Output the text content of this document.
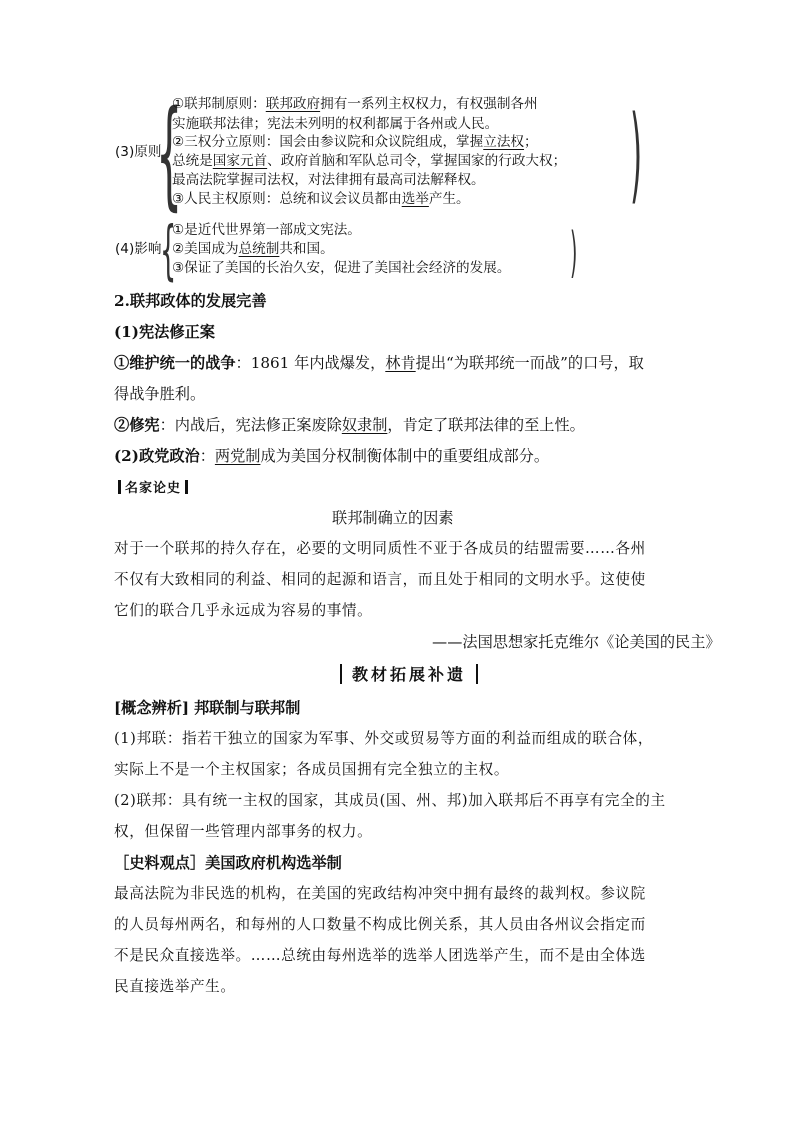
{	)
(3)原则
①联邦制原则：联邦政府拥有一系列主权权力，有权强制各州
实施联邦法律；宪法未列明的权利都属于各州或人民。
②三权分立原则：国会由参议院和众议院组成，掌握立法权；
总统是国家元首、政府首脑和军队总司令，掌握国家的行政大权；
最高法院掌握司法权，对法律拥有最高司法解释权。
③人民主权原则：总统和议会议员都由选举产生。
{	)
(4)影响
①是近代世界第一部成文宪法。
②美国成为总统制共和国。
③保证了美国的长治久安，促进了美国社会经济的发展。
2.联邦政体的发展完善
(1)宪法修正案
①维护统一的战争：1861 年内战爆发，林肯提出“为联邦统一而战”的口号，取
得战争胜利。
②修宪：内战后，宪法修正案废除奴隶制，肯定了联邦法律的至上性。
(2)政党政治：两党制成为美国分权制衡体制中的重要组成部分。
名家论史
联邦制确立的因素
对于一个联邦的持久存在，必要的文明同质性不亚于各成员的结盟需要……各州
不仅有大致相同的利益、相同的起源和语言，而且处于相同的文明水乎。这使使
它们的联合几乎永远成为容易的事情。
——法国思想家托克维尔《论美国的民主》
教材拓展补遗
[概念辨析] 邦联制与联邦制
(1)邦联：指若干独立的国家为军事、外交或贸易等方面的利益而组成的联合体，
实际上不是一个主权国家；各成员国拥有完全独立的主权。
(2)联邦：具有统一主权的国家，其成员(国、州、邦)加入联邦后不再享有完全的主
权，但保留一些管理内部事务的权力。
［史料观点］美国政府机构选举制
最高法院为非民选的机构，在美国的宪政结构冲突中拥有最终的裁判权。参议院
的人员每州两名，和每州的人口数量不构成比例关系，其人员由各州议会指定而
不是民众直接选举。……总统由每州选举的选举人团选举产生，而不是由全体选
民直接选举产生。
